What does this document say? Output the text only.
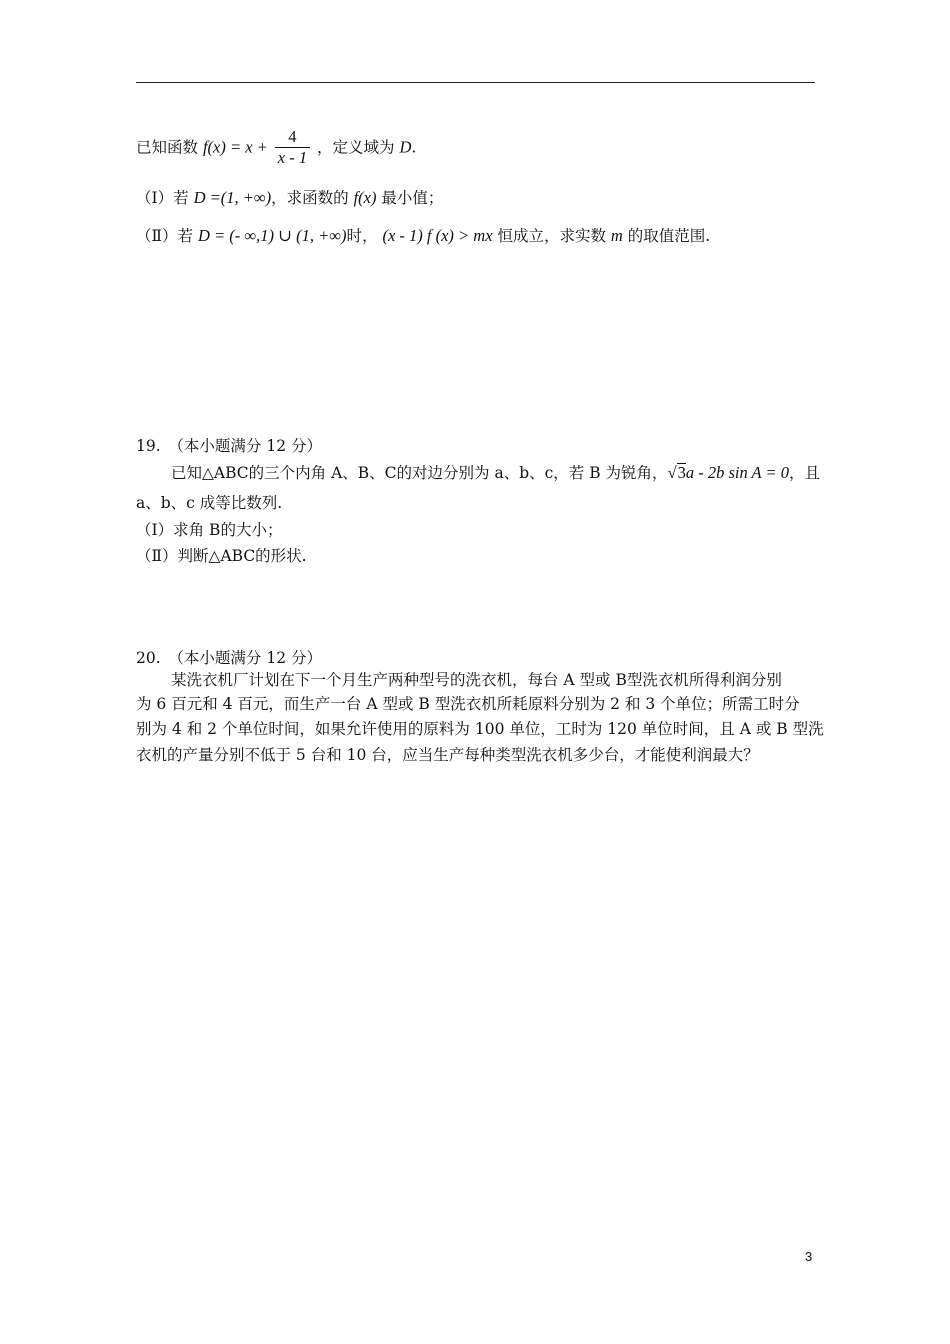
已知函数 $f(x) = x + \frac{4}{x - 1}$ ，定义域为 D.
（Ⅰ）若 D =(1, +∞)，求函数的 f(x) 最小值；
（Ⅱ）若 D = (- ∞,1) ∪ (1, +∞)时， (x - 1) f (x) > mx 恒成立，求实数 m 的取值范围.
19.　（本小题满分 12 分）
已知△ABC的三个内角 A、B、C的对边分别为 a、b、c，若 B 为锐角，√3a - 2b sin A = 0，且
a、b、c 成等比数列.
（Ⅰ）求角 B的大小；
（Ⅱ）判断△ABC的形状.
20.　（本小题满分 12 分）
某洗衣机厂计划在下一个月生产两种型号的洗衣机，每台 A 型或 B型洗衣机所得利润分别
为 6 百元和 4 百元，而生产一台 A 型或 B 型洗衣机所耗原料分别为 2 和 3 个单位；所需工时分
别为 4 和 2 个单位时间，如果允许使用的原料为 100 单位，工时为 120 单位时间，且 A 或 B 型洗
衣机的产量分别不低于 5 台和 10 台，应当生产每种类型洗衣机多少台，才能使利润最大？
3
